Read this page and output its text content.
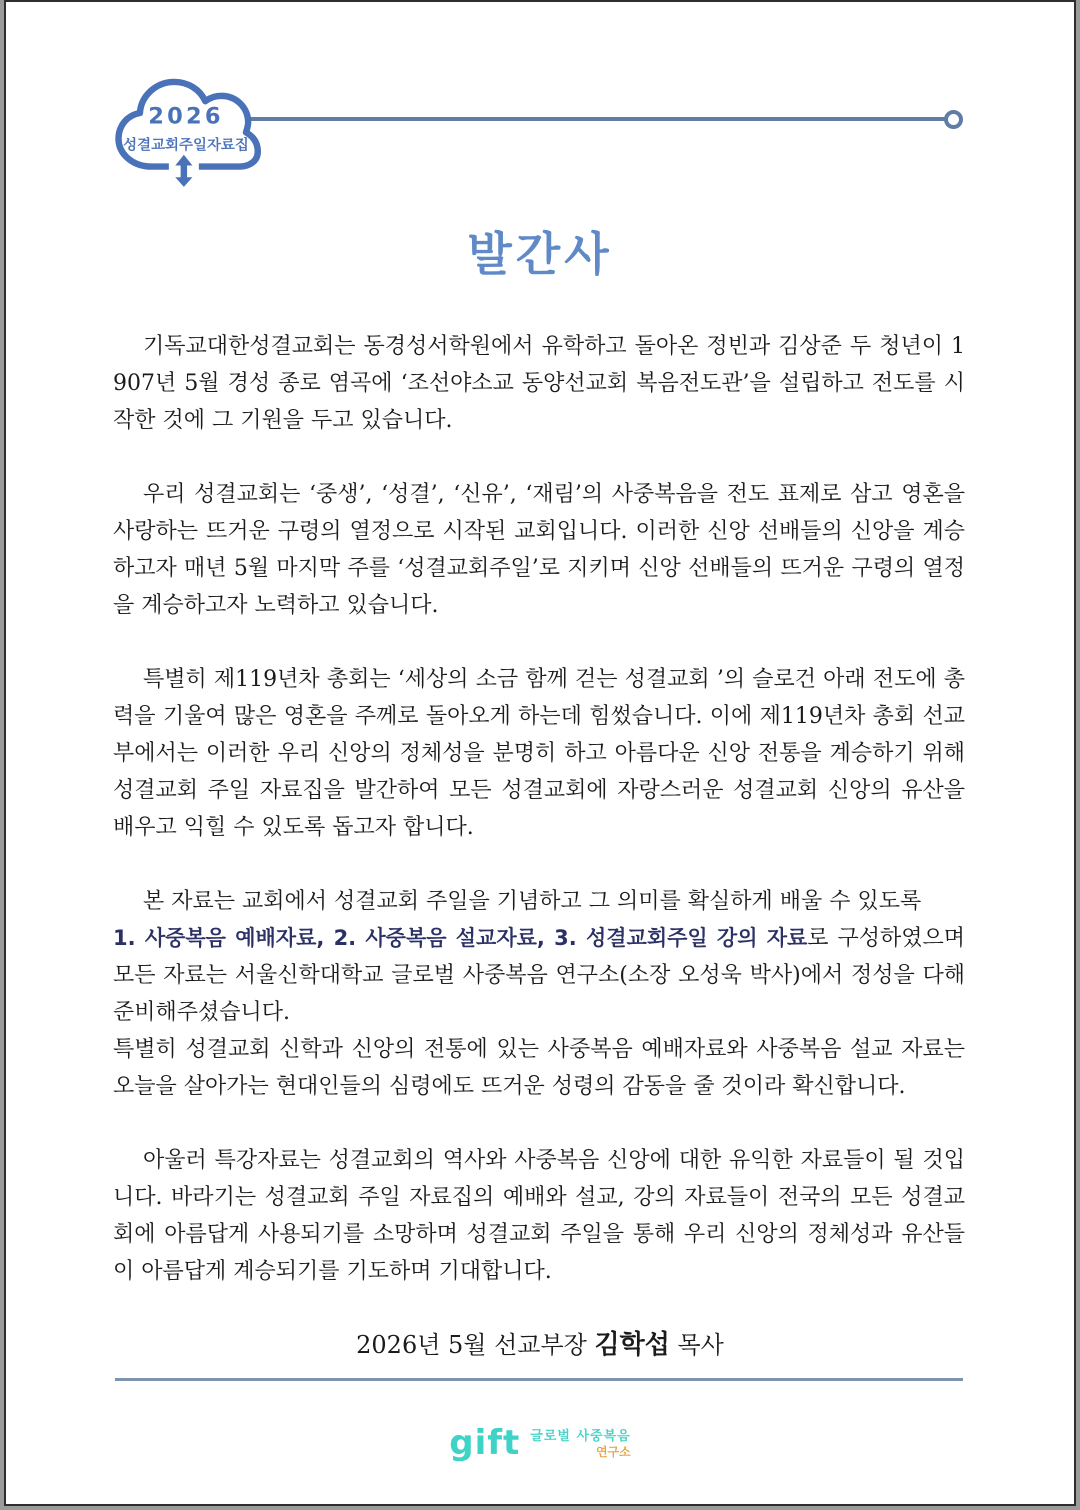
2026
성결교회주일자료집
발간사

기독교대한성결교회는 동경성서학원에서 유학하고 돌아온 정빈과 김상준 두 청년이 1907년 5월 경성 종로 염곡에 ‘조선야소교 동양선교회 복음전도관’을 설립하고 전도를 시작한 것에 그 기원을 두고 있습니다.

우리 성결교회는 ‘중생’, ‘성결’, ‘신유’, ‘재림’의 사중복음을 전도 표제로 삼고 영혼을 사랑하는 뜨거운 구령의 열정으로 시작된 교회입니다. 이러한 신앙 선배들의 신앙을 계승하고자 매년 5월 마지막 주를 ‘성결교회주일’로 지키며 신앙 선배들의 뜨거운 구령의 열정을 계승하고자 노력하고 있습니다.

특별히 제119년차 총회는 ‘세상의 소금 함께 걷는 성결교회 ’의 슬로건 아래 전도에 총력을 기울여 많은 영혼을 주께로 돌아오게 하는데 힘썼습니다. 이에 제119년차 총회 선교부에서는 이러한 우리 신앙의 정체성을 분명히 하고 아름다운 신앙 전통을 계승하기 위해 성결교회 주일 자료집을 발간하여 모든 성결교회에 자랑스러운 성결교회 신앙의 유산을 배우고 익힐 수 있도록 돕고자 합니다.

본 자료는 교회에서 성결교회 주일을 기념하고 그 의미를 확실하게 배울 수 있도록
1. 사중복음 예배자료, 2. 사중복음 설교자료, 3. 성결교회주일 강의 자료로 구성하였으며 모든 자료는 서울신학대학교 글로벌 사중복음 연구소(소장 오성욱 박사)에서 정성을 다해 준비해주셨습니다.
특별히 성결교회 신학과 신앙의 전통에 있는 사중복음 예배자료와 사중복음 설교 자료는 오늘을 살아가는 현대인들의 심령에도 뜨거운 성령의 감동을 줄 것이라 확신합니다.

아울러 특강자료는 성결교회의 역사와 사중복음 신앙에 대한 유익한 자료들이 될 것입니다. 바라기는 성결교회 주일 자료집의 예배와 설교, 강의 자료들이 전국의 모든 성결교회에 아름답게 사용되기를 소망하며 성결교회 주일을 통해 우리 신앙의 정체성과 유산들이 아름답게 계승되기를 기도하며 기대합니다.

2026년 5월 선교부장 김학섭 목사
gift 글로벌 사중복음
연구소
